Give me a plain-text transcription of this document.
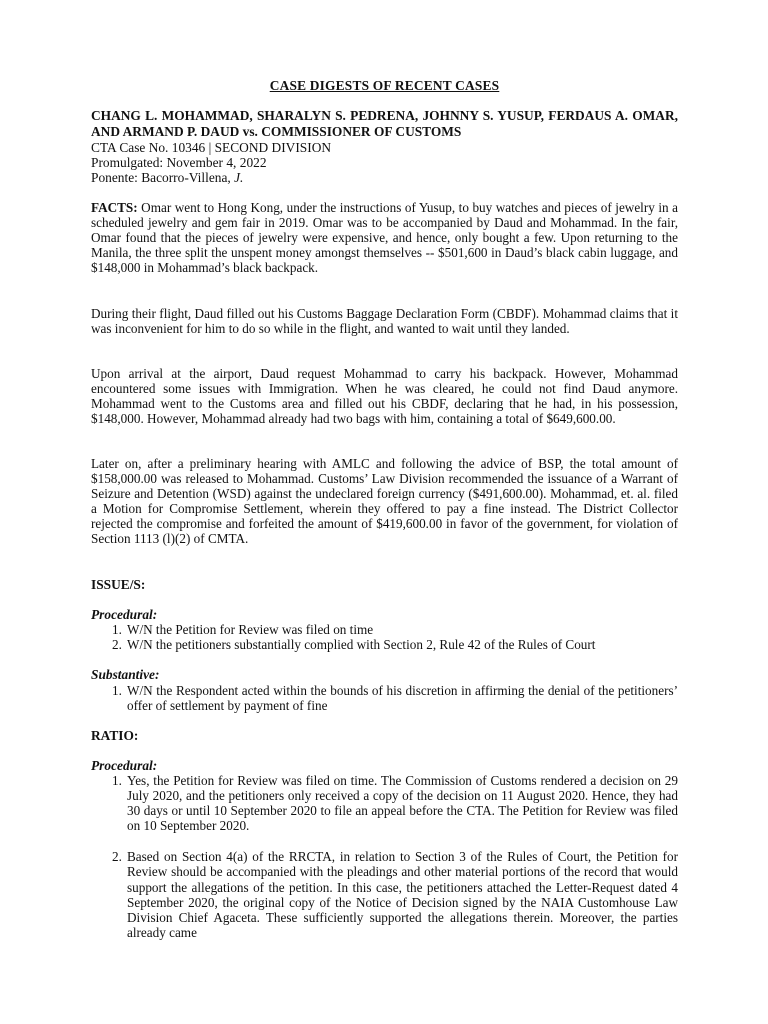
CASE DIGESTS OF RECENT CASES
CHANG L. MOHAMMAD, SHARALYN S. PEDRENA, JOHNNY S. YUSUP, FERDAUS A. OMAR, AND ARMAND P. DAUD vs. COMMISSIONER OF CUSTOMS
CTA Case No. 10346 | SECOND DIVISION
Promulgated: November 4, 2022
Ponente: Bacorro-Villena, J.

FACTS: Omar went to Hong Kong, under the instructions of Yusup, to buy watches and pieces of jewelry in a scheduled jewelry and gem fair in 2019. Omar was to be accompanied by Daud and Mohammad. In the fair, Omar found that the pieces of jewelry were expensive, and hence, only bought a few. Upon returning to the Manila, the three split the unspent money amongst themselves -- $501,600 in Daud’s black cabin luggage, and $148,000 in Mohammad’s black backpack.

During their flight, Daud filled out his Customs Baggage Declaration Form (CBDF). Mohammad claims that it was inconvenient for him to do so while in the flight, and wanted to wait until they landed.

Upon arrival at the airport, Daud request Mohammad to carry his backpack. However, Mohammad encountered some issues with Immigration. When he was cleared, he could not find Daud anymore. Mohammad went to the Customs area and filled out his CBDF, declaring that he had, in his possession, $148,000. However, Mohammad already had two bags with him, containing a total of $649,600.00.

Later on, after a preliminary hearing with AMLC and following the advice of BSP, the total amount of $158,000.00 was released to Mohammad. Customs’ Law Division recommended the issuance of a Warrant of Seizure and Detention (WSD) against the undeclared foreign currency ($491,600.00). Mohammad, et. al. filed a Motion for Compromise Settlement, wherein they offered to pay a fine instead. The District Collector rejected the compromise and forfeited the amount of $419,600.00 in favor of the government, for violation of Section 1113 (l)(2) of CMTA.

ISSUE/S:
Procedural:
1. W/N the Petition for Review was filed on time
2. W/N the petitioners substantially complied with Section 2, Rule 42 of the Rules of Court
Substantive:
1. W/N the Respondent acted within the bounds of his discretion in affirming the denial of the petitioners’ offer of settlement by payment of fine
RATIO:
Procedural:
1. Yes, the Petition for Review was filed on time. The Commission of Customs rendered a decision on 29 July 2020, and the petitioners only received a copy of the decision on 11 August 2020. Hence, they had 30 days or until 10 September 2020 to file an appeal before the CTA. The Petition for Review was filed on 10 September 2020.
2. Based on Section 4(a) of the RRCTA, in relation to Section 3 of the Rules of Court, the Petition for Review should be accompanied with the pleadings and other material portions of the record that would support the allegations of the petition. In this case, the petitioners attached the Letter-Request dated 4 September 2020, the original copy of the Notice of Decision signed by the NAIA Customhouse Law Division Chief Agaceta. These sufficiently supported the allegations therein. Moreover, the parties already came
